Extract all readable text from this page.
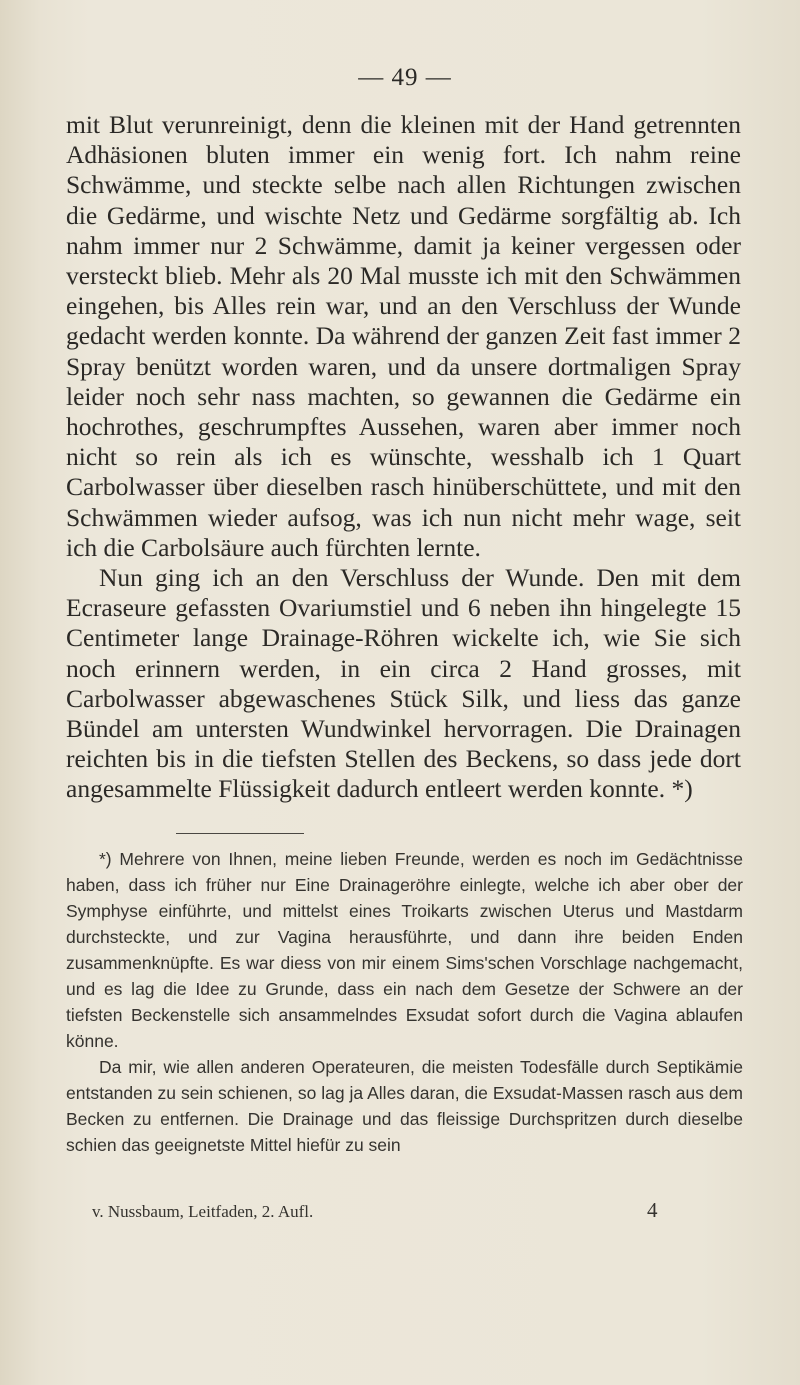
— 49 —

mit Blut verunreinigt, denn die kleinen mit der Hand getrennten Adhäsionen bluten immer ein wenig fort. Ich nahm reine Schwämme, und steckte selbe nach allen Richtungen zwischen die Gedärme, und wischte Netz und Gedärme sorgfältig ab. Ich nahm immer nur 2 Schwämme, damit ja keiner vergessen oder versteckt blieb. Mehr als 20 Mal musste ich mit den Schwämmen eingehen, bis Alles rein war, und an den Verschluss der Wunde gedacht werden konnte. Da während der ganzen Zeit fast immer 2 Spray benützt worden waren, und da unsere dortmaligen Spray leider noch sehr nass machten, so gewannen die Gedärme ein hochrothes, geschrumpftes Aussehen, waren aber immer noch nicht so rein als ich es wünschte, wesshalb ich 1 Quart Carbolwasser über dieselben rasch hinüberschüttete, und mit den Schwämmen wieder aufsog, was ich nun nicht mehr wage, seit ich die Carbolsäure auch fürchten lernte.

Nun ging ich an den Verschluss der Wunde. Den mit dem Ecraseure gefassten Ovariumstiel und 6 neben ihn hingelegte 15 Centimeter lange Drainage-Röhren wickelte ich, wie Sie sich noch erinnern werden, in ein circa 2 Hand grosses, mit Carbolwasser abgewaschenes Stück Silk, und liess das ganze Bündel am untersten Wundwinkel hervorragen. Die Drainagen reichten bis in die tiefsten Stellen des Beckens, so dass jede dort angesammelte Flüssigkeit dadurch entleert werden konnte. *)

*) Mehrere von Ihnen, meine lieben Freunde, werden es noch im Gedächtnisse haben, dass ich früher nur Eine Drainageröhre einlegte, welche ich aber ober der Symphyse einführte, und mittelst eines Troikarts zwischen Uterus und Mastdarm durchsteckte, und zur Vagina herausführte, und dann ihre beiden Enden zusammenknüpfte. Es war diess von mir einem Sims'schen Vorschlage nachgemacht, und es lag die Idee zu Grunde, dass ein nach dem Gesetze der Schwere an der tiefsten Beckenstelle sich ansammelndes Exsudat sofort durch die Vagina ablaufen könne.

Da mir, wie allen anderen Operateuren, die meisten Todesfälle durch Septikämie entstanden zu sein schienen, so lag ja Alles daran, die Exsudat-Massen rasch aus dem Becken zu entfernen. Die Drainage und das fleissige Durchspritzen durch dieselbe schien das geeignetste Mittel hiefür zu sein

v. Nussbaum, Leitfaden, 2. Aufl.	4
